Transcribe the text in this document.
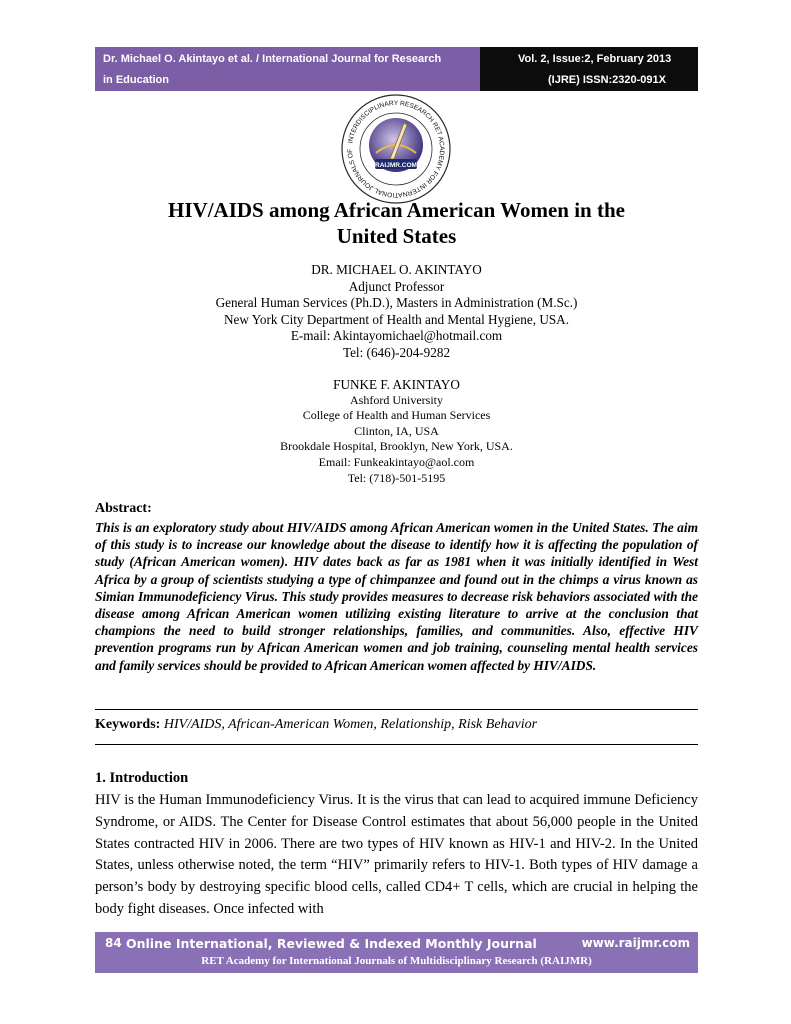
Dr. Michael O. Akintayo et al. / International Journal for Research
in Education
Vol. 2, Issue:2, February 2013
(IJRE) ISSN:2320-091X
INTERDISCIPLINARY RESEARCH RET ACADEMY FOR INTERNATIONAL JOURNALS OF
RAIJMR.COM
HIV/AIDS among African American Women in the
United States
DR. MICHAEL O. AKINTAYO
Adjunct Professor
General Human Services (Ph.D.), Masters in Administration (M.Sc.)
New York City Department of Health and Mental Hygiene, USA.
E-mail: Akintayomichael@hotmail.com
Tel: (646)-204-9282
FUNKE F. AKINTAYO
Ashford University
College of Health and Human Services
Clinton, IA, USA
Brookdale Hospital, Brooklyn, New York, USA.
Email: Funkeakintayo@aol.com
Tel: (718)-501-5195
Abstract:

This is an exploratory study about HIV/AIDS among African American women in the United States. The aim of this study is to increase our knowledge about the disease to identify how it is affecting the population of study (African American women). HIV dates back as far as 1981 when it was initially identified in West Africa by a group of scientists studying a type of chimpanzee and found out in the chimps a virus known as Simian Immunodeficiency Virus. This study provides measures to decrease risk behaviors associated with the disease among African American women utilizing existing literature to arrive at the conclusion that champions the need to build stronger relationships, families, and communities. Also, effective HIV prevention programs run by African American women and job training, counseling mental health services and family services should be provided to African American women affected by HIV/AIDS.

Keywords: HIV/AIDS, African-American Women, Relationship, Risk Behavior
1. Introduction

HIV is the Human Immunodeficiency Virus. It is the virus that can lead to acquired immune Deficiency Syndrome, or AIDS. The Center for Disease Control estimates that about 56,000 people in the United States contracted HIV in 2006. There are two types of HIV known as HIV-1 and HIV-2. In the United States, unless otherwise noted, the term “HIV” primarily refers to HIV-1. Both types of HIV damage a person’s body by destroying specific blood cells, called CD4+ T cells, which are crucial in helping the body fight diseases. Once infected with

84 Online International, Reviewed & Indexed Monthly Journal	www.raijmr.com
RET Academy for International Journals of Multidisciplinary Research (RAIJMR)
